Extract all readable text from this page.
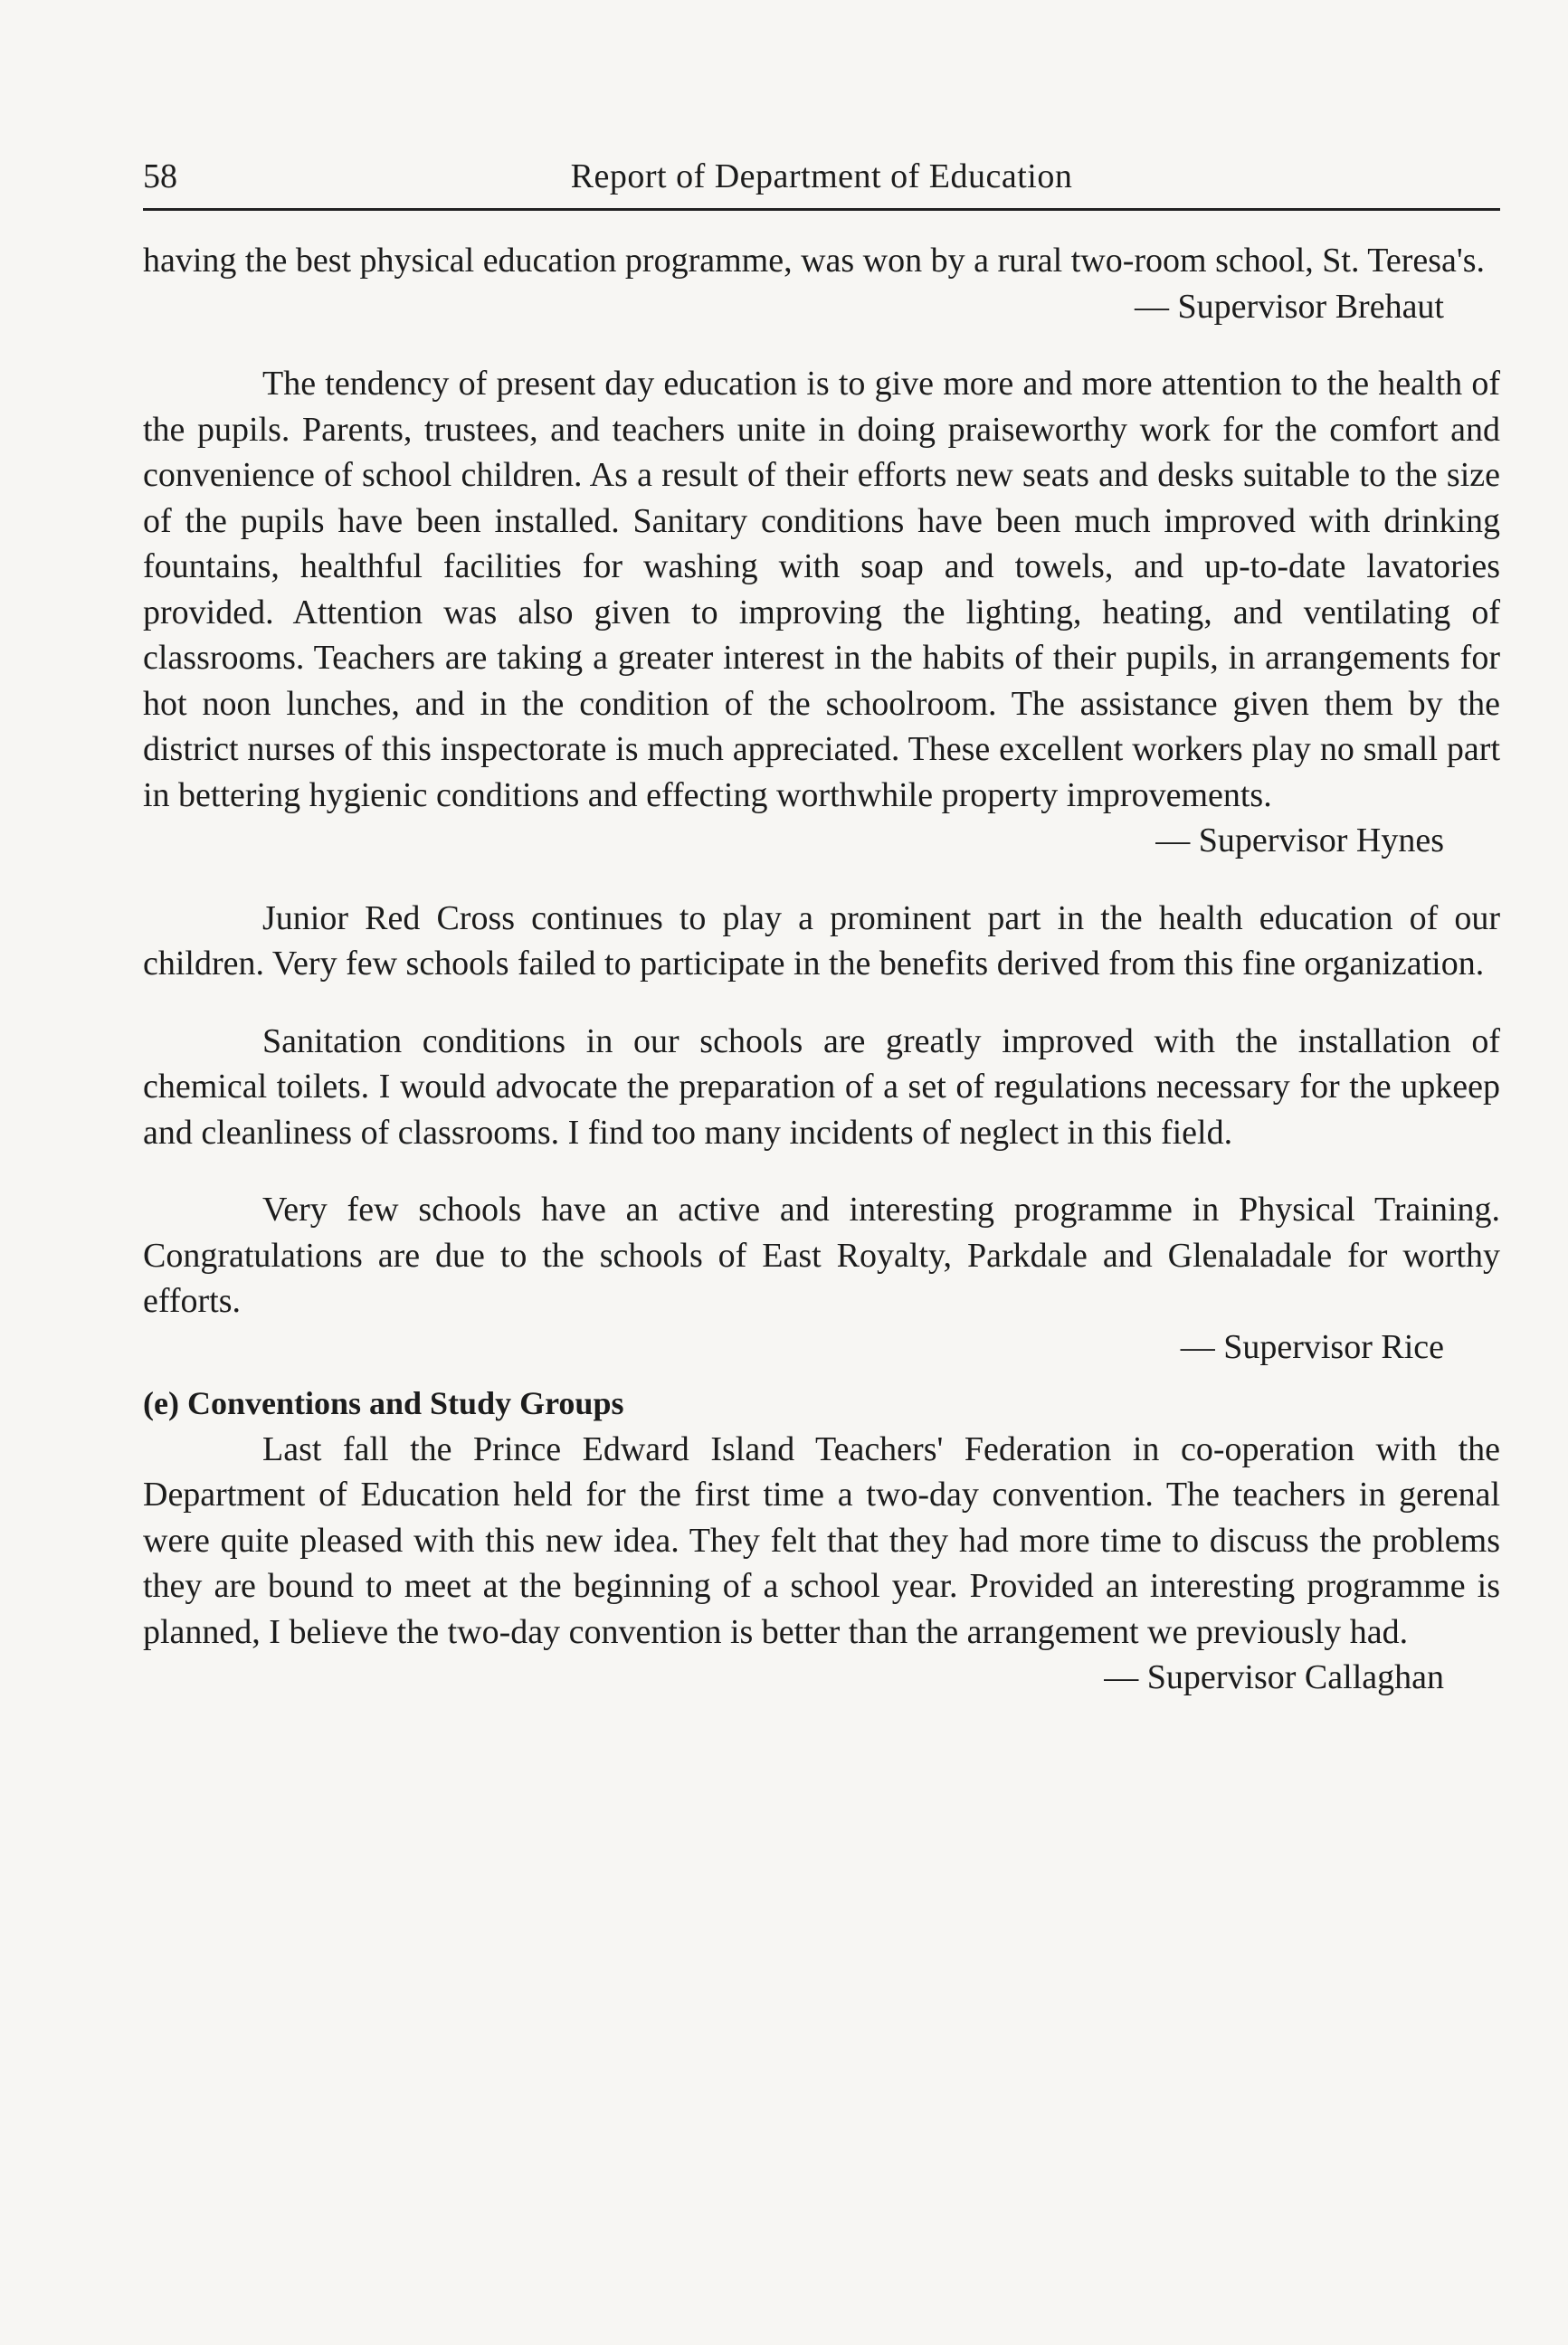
58	Report of Department of Education

having the best physical education programme, was won by a rural two-room school, St. Teresa's.

— Supervisor Brehaut

The tendency of present day education is to give more and more attention to the health of the pupils. Parents, trustees, and teachers unite in doing praiseworthy work for the comfort and convenience of school children. As a result of their efforts new seats and desks suitable to the size of the pupils have been installed. Sanitary conditions have been much improved with drinking fountains, healthful facilities for washing with soap and towels, and up-to-date lavatories provided. Attention was also given to improving the lighting, heating, and ventilating of classrooms. Teachers are taking a greater interest in the habits of their pupils, in arrangements for hot noon lunches, and in the condition of the schoolroom. The assistance given them by the district nurses of this inspectorate is much appreciated. These excellent workers play no small part in bettering hygienic conditions and effecting worthwhile property improvements.

— Supervisor Hynes

Junior Red Cross continues to play a prominent part in the health education of our children. Very few schools failed to participate in the benefits derived from this fine organization.

Sanitation conditions in our schools are greatly improved with the installation of chemical toilets. I would advocate the preparation of a set of regulations necessary for the upkeep and cleanliness of classrooms. I find too many incidents of neglect in this field.

Very few schools have an active and interesting programme in Physical Training. Congratulations are due to the schools of East Royalty, Parkdale and Glenaladale for worthy efforts.

— Supervisor Rice

(e) Conventions and Study Groups

Last fall the Prince Edward Island Teachers' Federation in co-operation with the Department of Education held for the first time a two-day convention. The teachers in gerenal were quite pleased with this new idea. They felt that they had more time to discuss the problems they are bound to meet at the beginning of a school year. Provided an interesting programme is planned, I believe the two-day convention is better than the arrangement we previously had.

— Supervisor Callaghan
